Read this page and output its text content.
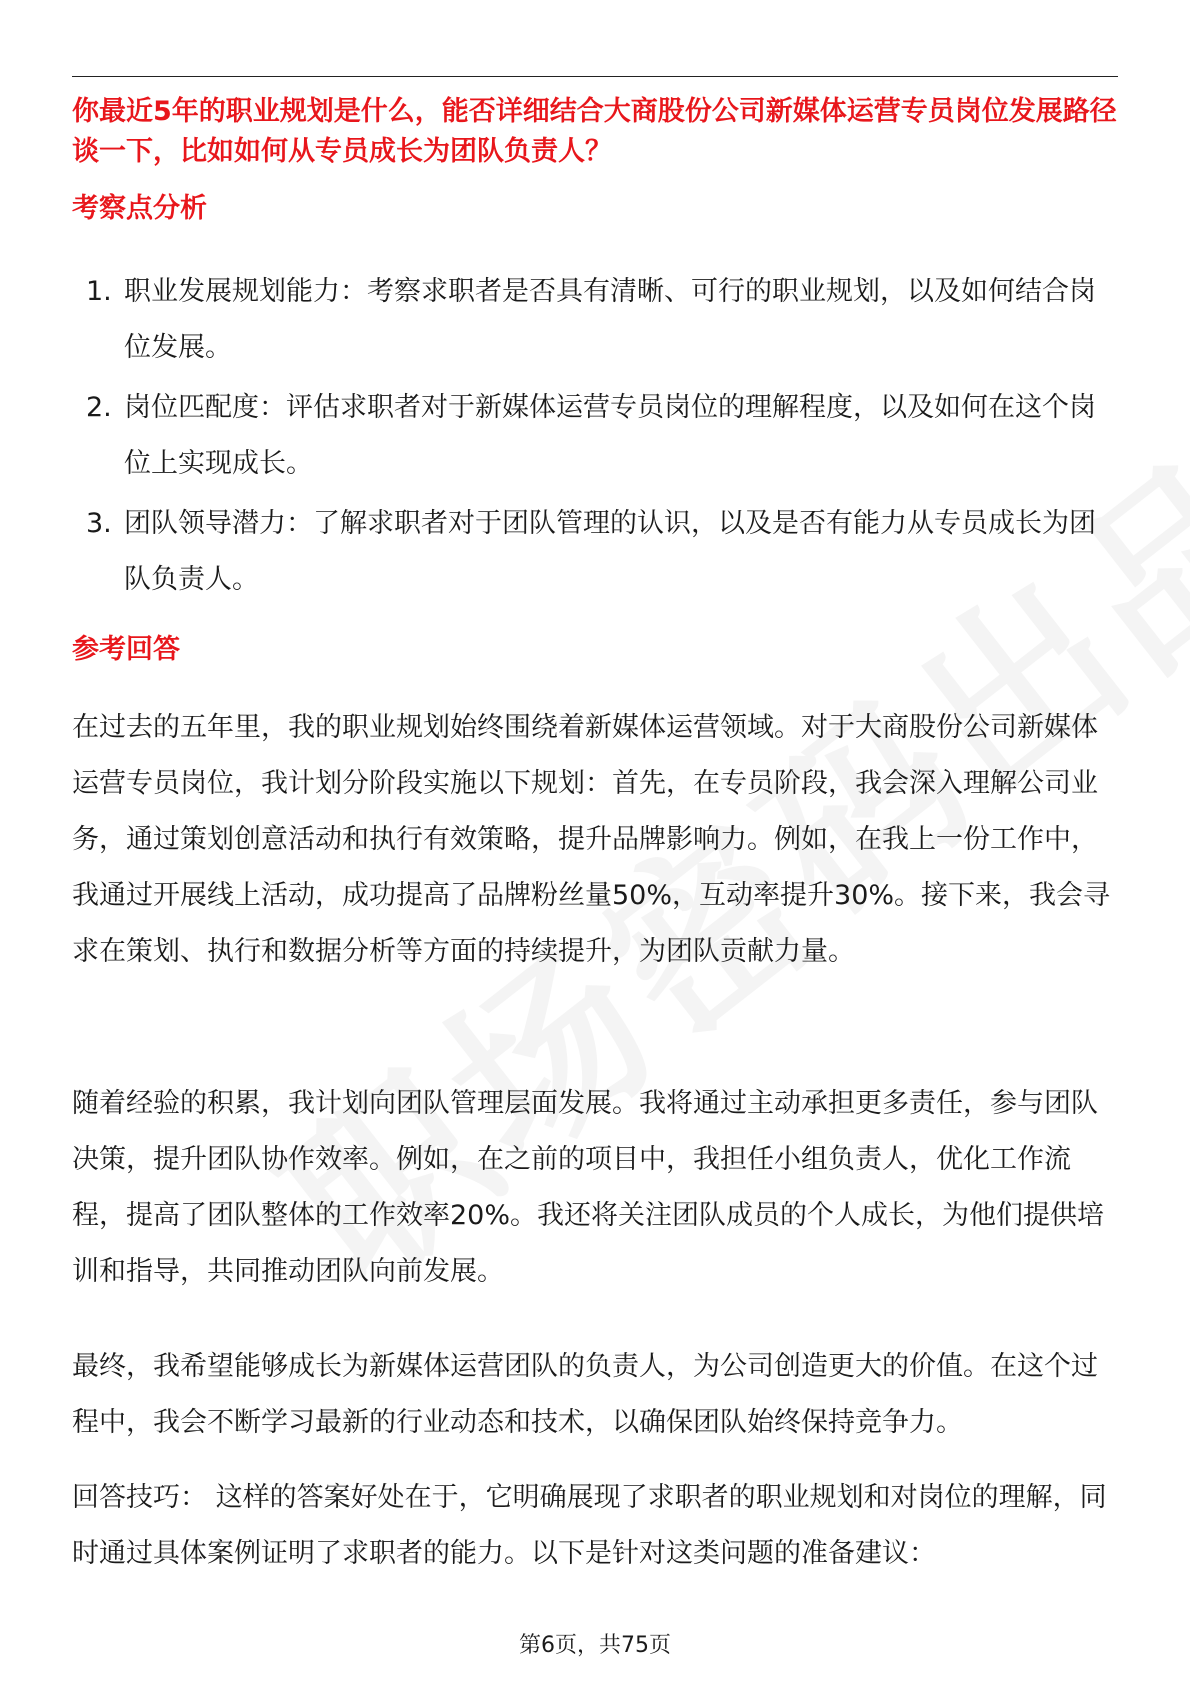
你最近5年的职业规划是什么，能否详细结合大商股份公司新媒体运营专员岗位发展路径谈一下，比如如何从专员成长为团队负责人？

考察点分析
1. 职业发展规划能力：考察求职者是否具有清晰、可行的职业规划，以及如何结合岗位发展。
2. 岗位匹配度：评估求职者对于新媒体运营专员岗位的理解程度，以及如何在这个岗位上实现成长。
3. 团队领导潜力：了解求职者对于团队管理的认识，以及是否有能力从专员成长为团队负责人。
参考回答

在过去的五年里，我的职业规划始终围绕着新媒体运营领域。对于大商股份公司新媒体运营专员岗位，我计划分阶段实施以下规划：首先，在专员阶段，我会深入理解公司业务，通过策划创意活动和执行有效策略，提升品牌影响力。例如，在我上一份工作中，我通过开展线上活动，成功提高了品牌粉丝量50%，互动率提升30%。接下来，我会寻求在策划、执行和数据分析等方面的持续提升，为团队贡献力量。

随着经验的积累，我计划向团队管理层面发展。我将通过主动承担更多责任，参与团队决策，提升团队协作效率。例如，在之前的项目中，我担任小组负责人，优化工作流程，提高了团队整体的工作效率20%。我还将关注团队成员的个人成长，为他们提供培训和指导，共同推动团队向前发展。

最终，我希望能够成长为新媒体运营团队的负责人，为公司创造更大的价值。在这个过程中，我会不断学习最新的行业动态和技术，以确保团队始终保持竞争力。

回答技巧： 这样的答案好处在于，它明确展现了求职者的职业规划和对岗位的理解，同时通过具体案例证明了求职者的能力。以下是针对这类问题的准备建议：

第6页，共75页
